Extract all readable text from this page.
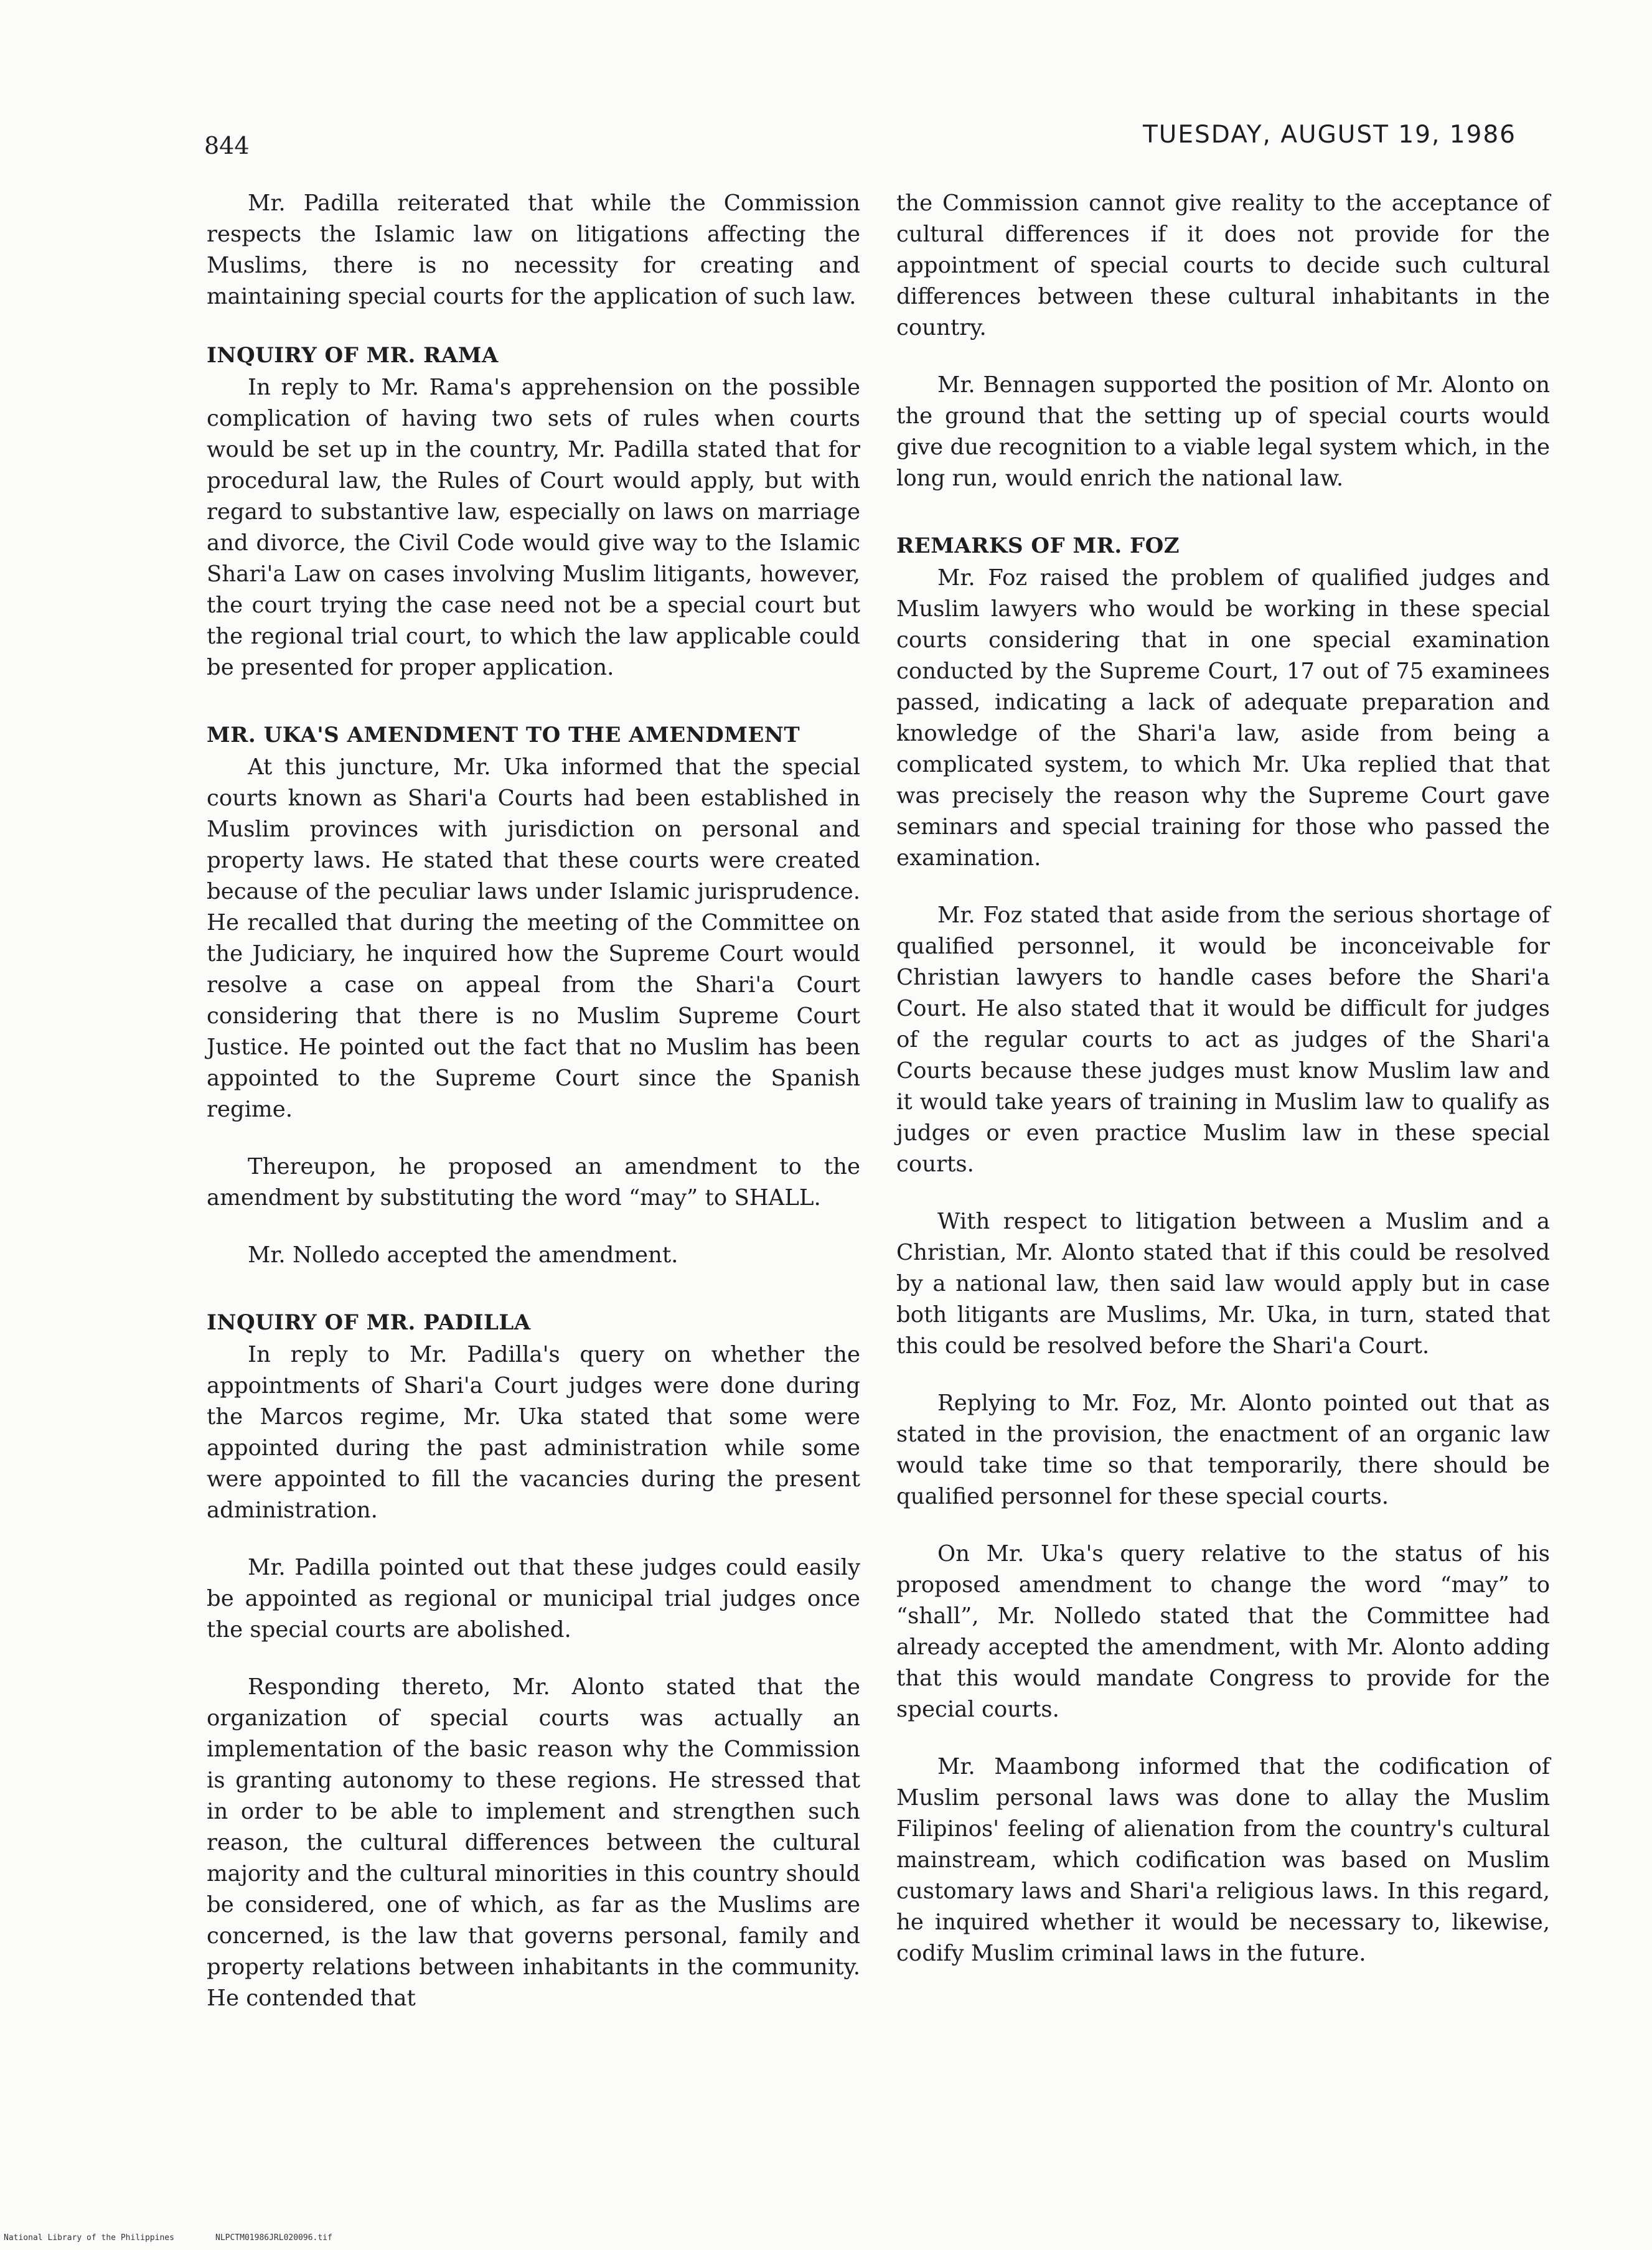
844	TUESDAY, AUGUST 19, 1986

Mr. Padilla reiterated that while the Commission respects the Islamic law on litigations affecting the Muslims, there is no necessity for creating and maintaining special courts for the application of such law.

INQUIRY OF MR. RAMA

In reply to Mr. Rama's apprehension on the possible complication of having two sets of rules when courts would be set up in the country, Mr. Padilla stated that for procedural law, the Rules of Court would apply, but with regard to substantive law, especially on laws on marriage and divorce, the Civil Code would give way to the Islamic Shari'a Law on cases involving Muslim litigants, however, the court trying the case need not be a special court but the regional trial court, to which the law applicable could be presented for proper application.

MR. UKA'S AMENDMENT TO THE AMENDMENT

At this juncture, Mr. Uka informed that the special courts known as Shari'a Courts had been established in Muslim provinces with jurisdiction on personal and property laws. He stated that these courts were created because of the peculiar laws under Islamic jurisprudence. He recalled that during the meeting of the Committee on the Judiciary, he inquired how the Supreme Court would resolve a case on appeal from the Shari'a Court considering that there is no Muslim Supreme Court Justice. He pointed out the fact that no Muslim has been appointed to the Supreme Court since the Spanish regime.

Thereupon, he proposed an amendment to the amendment by substituting the word “may” to SHALL.

Mr. Nolledo accepted the amendment.

INQUIRY OF MR. PADILLA

In reply to Mr. Padilla's query on whether the appointments of Shari'a Court judges were done during the Marcos regime, Mr. Uka stated that some were appointed during the past administration while some were appointed to fill the vacancies during the present administration.

Mr. Padilla pointed out that these judges could easily be appointed as regional or municipal trial judges once the special courts are abolished.

Responding thereto, Mr. Alonto stated that the organization of special courts was actually an implementation of the basic reason why the Commission is granting autonomy to these regions. He stressed that in order to be able to implement and strengthen such reason, the cultural differences between the cultural majority and the cultural minorities in this country should be considered, one of which, as far as the Muslims are concerned, is the law that governs personal, family and property relations between inhabitants in the community. He contended that

the Commission cannot give reality to the acceptance of cultural differences if it does not provide for the appointment of special courts to decide such cultural differences between these cultural inhabitants in the country.

Mr. Bennagen supported the position of Mr. Alonto on the ground that the setting up of special courts would give due recognition to a viable legal system which, in the long run, would enrich the national law.

REMARKS OF MR. FOZ

Mr. Foz raised the problem of qualified judges and Muslim lawyers who would be working in these special courts considering that in one special examination conducted by the Supreme Court, 17 out of 75 examinees passed, indicating a lack of adequate preparation and knowledge of the Shari'a law, aside from being a complicated system, to which Mr. Uka replied that that was precisely the reason why the Supreme Court gave seminars and special training for those who passed the examination.

Mr. Foz stated that aside from the serious shortage of qualified personnel, it would be inconceivable for Christian lawyers to handle cases before the Shari'a Court. He also stated that it would be difficult for judges of the regular courts to act as judges of the Shari'a Courts because these judges must know Muslim law and it would take years of training in Muslim law to qualify as judges or even practice Muslim law in these special courts.

With respect to litigation between a Muslim and a Christian, Mr. Alonto stated that if this could be resolved by a national law, then said law would apply but in case both litigants are Muslims, Mr. Uka, in turn, stated that this could be resolved before the Shari'a Court.

Replying to Mr. Foz, Mr. Alonto pointed out that as stated in the provision, the enactment of an organic law would take time so that temporarily, there should be qualified personnel for these special courts.

On Mr. Uka's query relative to the status of his proposed amendment to change the word “may” to “shall”, Mr. Nolledo stated that the Committee had already accepted the amendment, with Mr. Alonto adding that this would mandate Congress to provide for the special courts.

Mr. Maambong informed that the codification of Muslim personal laws was done to allay the Muslim Filipinos' feeling of alienation from the country's cultural mainstream, which codification was based on Muslim customary laws and Shari'a religious laws. In this regard, he inquired whether it would be necessary to, likewise, codify Muslim criminal laws in the future.

National Library of the Philippines	NLPCTM01986JRL020096.tif
